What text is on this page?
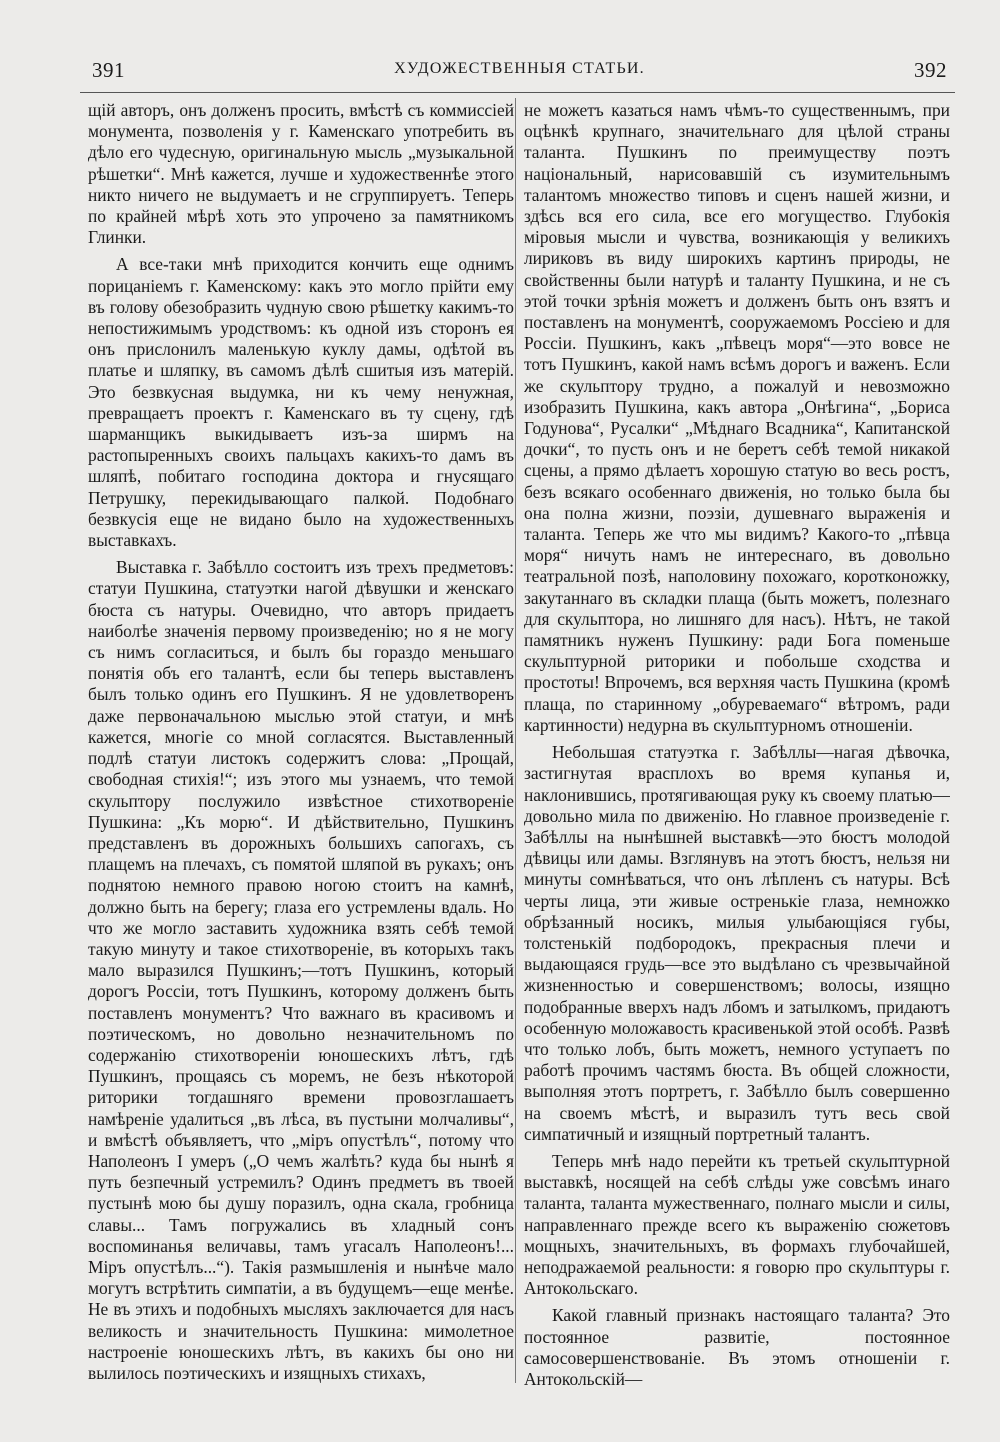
391	ХУДОЖЕСТВЕННЫЯ СТАТЬИ.	392

щій авторъ, онъ долженъ просить, вмѣстѣ съ коммиссіей монумента, позволенія у г. Каменскаго употребить въ дѣло его чудесную, оригинальную мысль „музыкальной рѣшетки“. Мнѣ кажется, лучше и художественнѣе этого никто ничего не выдумаетъ и не сгруппируетъ. Теперь по крайней мѣрѣ хоть это упрочено за памятникомъ Глинки.

А все-таки мнѣ приходится кончить еще однимъ порицаніемъ г. Каменскому: какъ это могло прійти ему въ голову обезобразить чудную свою рѣшетку какимъ-то непостижимымъ уродствомъ: къ одной изъ сторонъ ея онъ прислонилъ маленькую куклу дамы, одѣтой въ платье и шляпку, въ самомъ дѣлѣ сшитыя изъ матерій. Это безвкусная выдумка, ни къ чему ненужная, превращаетъ проектъ г. Каменскаго въ ту сцену, гдѣ шарманщикъ выкидываетъ изъ-за ширмъ на растопыренныхъ своихъ пальцахъ какихъ-то дамъ въ шляпѣ, побитаго господина доктора и гнусящаго Петрушку, перекидывающаго палкой. Подобнаго безвкусія еще не видано было на художественныхъ выставкахъ.

Выставка г. Забѣлло состоитъ изъ трехъ предметовъ: статуи Пушкина, статуэтки нагой дѣвушки и женскаго бюста съ натуры. Очевидно, что авторъ придаетъ наиболѣе значенія первому произведенію; но я не могу съ нимъ согласиться, и былъ бы гораздо меньшаго понятія объ его талантѣ, если бы теперь выставленъ былъ только одинъ его Пушкинъ. Я не удовлетворенъ даже первоначальною мыслью этой статуи, и мнѣ кажется, многіе со мной согласятся. Выставленный подлѣ статуи листокъ содержитъ слова: „Прощай, свободная стихія!“; изъ этого мы узнаемъ, что темой скульптору послужило извѣстное стихотвореніе Пушкина: „Къ морю“. И дѣйствительно, Пушкинъ представленъ въ дорожныхъ большихъ сапогахъ, съ плащемъ на плечахъ, съ помятой шляпой въ рукахъ; онъ поднятою немного правою ногою стоитъ на камнѣ, должно быть на берегу; глаза его устремлены вдаль. Но что же могло заставить художника взять себѣ темой такую минуту и такое стихотвореніе, въ которыхъ такъ мало выразился Пушкинъ;—тотъ Пушкинъ, который дорогъ Россіи, тотъ Пушкинъ, которому долженъ быть поставленъ монументъ? Что важнаго въ красивомъ и поэтическомъ, но довольно незначительномъ по содержанію стихотвореніи юношескихъ лѣтъ, гдѣ Пушкинъ, прощаясь съ моремъ, не безъ нѣкоторой риторики тогдашняго времени провозглашаетъ намѣреніе удалиться „въ лѣса, въ пустыни молчаливы“, и вмѣстѣ объявляетъ, что „міръ опустѣлъ“, потому что Наполеонъ I умеръ („О чемъ жалѣть? куда бы нынѣ я путь безпечный устремилъ? Одинъ предметъ въ твоей пустынѣ мою бы душу поразилъ, одна скала, гробница славы... Тамъ погружались въ хладный сонъ воспоминанья величавы, тамъ угасалъ Наполеонъ!... Міръ опустѣлъ...“). Такія размышленія и нынѣче мало могутъ встрѣтить симпатіи, а въ будущемъ—еще менѣе. Не въ этихъ и подобныхъ мысляхъ заключается для насъ великость и значительность Пушкина: мимолетное настроеніе юношескихъ лѣтъ, въ какихъ бы оно ни вылилось поэтическихъ и изящныхъ стихахъ,

не можетъ казаться намъ чѣмъ-то существеннымъ, при оцѣнкѣ крупнаго, значительнаго для цѣлой страны таланта. Пушкинъ по преимуществу поэтъ національный, нарисовавшій съ изумительнымъ талантомъ множество типовъ и сценъ нашей жизни, и здѣсь вся его сила, все его могущество. Глубокія міровыя мысли и чувства, возникающія у великихъ лириковъ въ виду широкихъ картинъ природы, не свойственны были натурѣ и таланту Пушкина, и не съ этой точки зрѣнія можетъ и долженъ быть онъ взятъ и поставленъ на монументѣ, сооружаемомъ Россіею и для Россіи. Пушкинъ, какъ „пѣвецъ моря“—это вовсе не тотъ Пушкинъ, какой намъ всѣмъ дорогъ и важенъ. Если же скульптору трудно, а пожалуй и невозможно изобразить Пушкина, какъ автора „Онѣгина“, „Бориса Годунова“, Русалки“ „Мѣднаго Всадника“, Капитанской дочки“, то пусть онъ и не беретъ себѣ темой никакой сцены, а прямо дѣлаетъ хорошую статую во весь ростъ, безъ всякаго особеннаго движенія, но только была бы она полна жизни, поэзіи, душевнаго выраженія и таланта. Теперь же что мы видимъ? Какого-то „пѣвца моря“ ничуть намъ не интереснаго, въ довольно театральной позѣ, наполовину похожаго, коротконожку, закутаннаго въ складки плаща (быть можетъ, полезнаго для скульптора, но лишняго для насъ). Нѣтъ, не такой памятникъ нуженъ Пушкину: ради Бога поменьше скульптурной риторики и побольше сходства и простоты! Впрочемъ, вся верхняя часть Пушкина (кромѣ плаща, по старинному „обуреваемаго“ вѣтромъ, ради картинности) недурна въ скульптурномъ отношеніи.

Небольшая статуэтка г. Забѣллы—нагая дѣвочка, застигнутая врасплохъ во время купанья и, наклонившись, протягивающая руку къ своему платью—довольно мила по движенію. Но главное произведеніе г. Забѣллы на нынѣшней выставкѣ—это бюстъ молодой дѣвицы или дамы. Взглянувъ на этотъ бюстъ, нельзя ни минуты сомнѣваться, что онъ лѣпленъ съ натуры. Всѣ черты лица, эти живые остренькіе глаза, немножко обрѣзанный носикъ, милыя улыбающіяся губы, толстенькій подбородокъ, прекрасныя плечи и выдающаяся грудь—все это выдѣлано съ чрезвычайной жизненностью и совершенствомъ; волосы, изящно подобранные вверхъ надъ лбомъ и затылкомъ, придаютъ особенную моложавость красивенькой этой особѣ. Развѣ что только лобъ, быть можетъ, немного уступаетъ по работѣ прочимъ частямъ бюста. Въ общей сложности, выполняя этотъ портретъ, г. Забѣлло былъ совершенно на своемъ мѣстѣ, и выразилъ тутъ весь свой симпатичный и изящный портретный талантъ.

Теперь мнѣ надо перейти къ третьей скульптурной выставкѣ, носящей на себѣ слѣды уже совсѣмъ инаго таланта, таланта мужественнаго, полнаго мысли и силы, направленнаго прежде всего къ выраженію сюжетовъ мощныхъ, значительныхъ, въ формахъ глубочайшей, неподражаемой реальности: я говорю про скульптуры г. Антокольскаго.

Какой главный признакъ настоящаго таланта? Это постоянное развитіе, постоянное самосовершенствованіе. Въ этомъ отношеніи г. Антокольскій—
